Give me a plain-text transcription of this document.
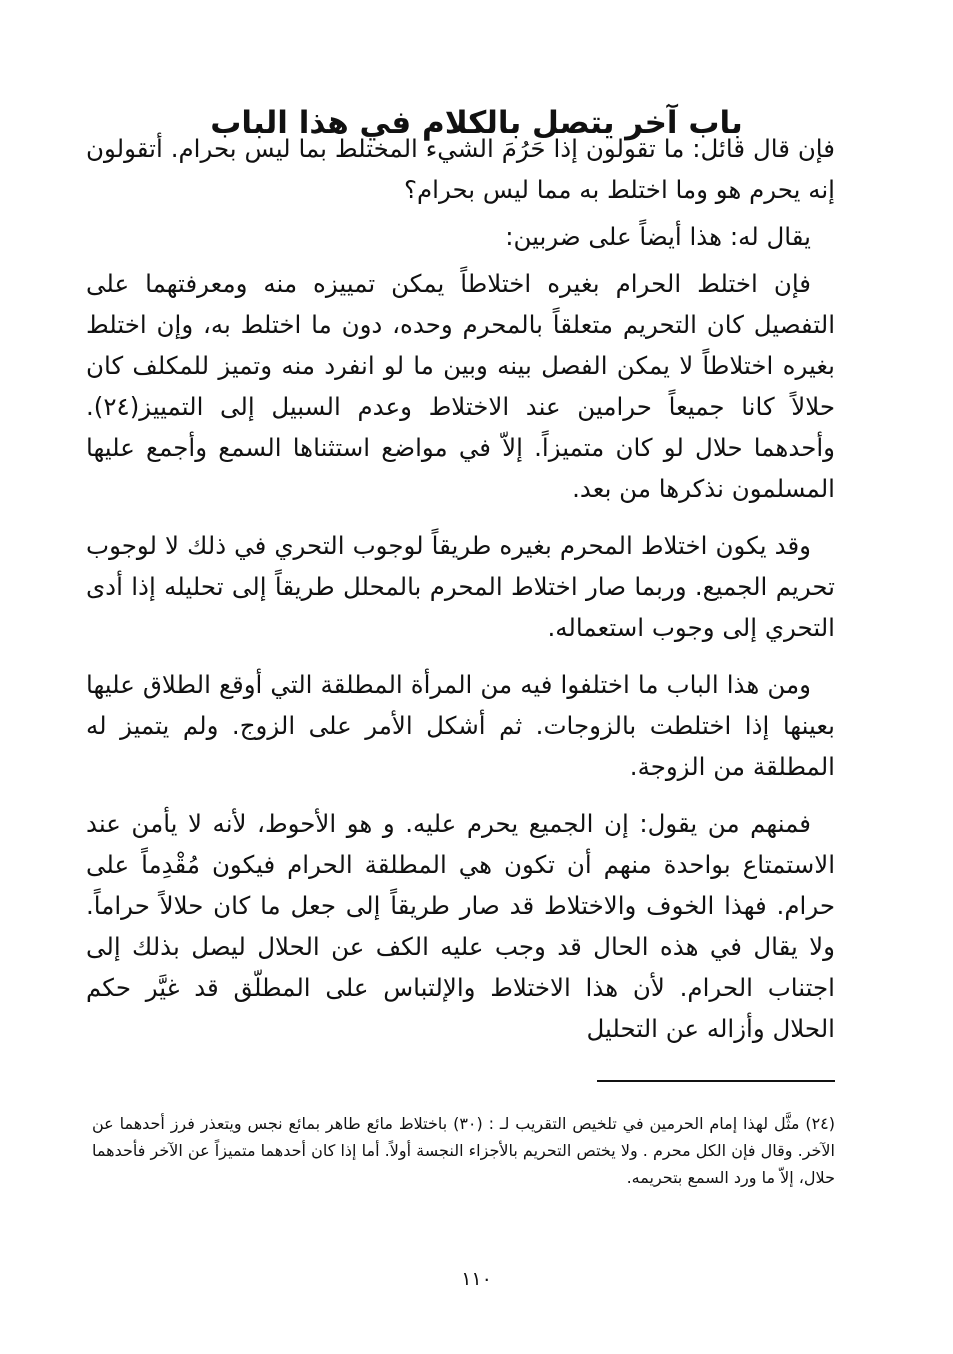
باب آخر يتصل بالكلام في هذا الباب

فإن قال قائل: ما تقولون إذا حَرُمَ الشيء المختلط بما ليس بحرام. أتقولون إنه يحرم هو وما اختلط به مما ليس بحرام؟

يقال له: هذا أيضاً على ضربين:

فإن اختلط الحرام بغيره اختلاطاً يمكن تمييزه منه ومعرفتهما على التفصيل كان التحريم متعلقاً بالمحرم وحده، دون ما اختلط به، وإن اختلط بغيره اختلاطاً لا يمكن الفصل بينه وبين ما لو انفرد منه وتميز للمكلف كان حلالاً كانا جميعاً حرامين عند الاختلاط وعدم السبيل إلى التمييز(٢٤). وأحدهما حلال لو كان متميزاً. إلاّ في مواضع استثناها السمع وأجمع عليها المسلمون نذكرها من بعد.

وقد يكون اختلاط المحرم بغيره طريقاً لوجوب التحري في ذلك لا لوجوب تحريم الجميع. وربما صار اختلاط المحرم بالمحلل طريقاً إلى تحليله إذا أدى التحري إلى وجوب استعماله.

ومن هذا الباب ما اختلفوا فيه من المرأة المطلقة التي أوقع الطلاق عليها بعينها إذا اختلطت بالزوجات. ثم أشكل الأمر على الزوج. ولم يتميز له المطلقة من الزوجة.

فمنهم من يقول: إن الجميع يحرم عليه. و هو الأحوط، لأنه لا يأمن عند الاستمتاع بواحدة منهم أن تكون هي المطلقة الحرام فيكون مُقْدِماً على حرام. فهذا الخوف والاختلاط قد صار طريقاً إلى جعل ما كان حلالاً حراماً. ولا يقال في هذه الحال قد وجب عليه الكف عن الحلال ليصل بذلك إلى اجتناب الحرام. لأن هذا الاختلاط والإلتباس على المطلّق قد غيَّر حكم الحلال وأزاله عن التحليل

(٢٤) مثَّل لهذا إمام الحرمين في تلخيص التقريب لـ : (٣٠) باختلاط مائع طاهر بمائع نجس ويتعذر فرز أحدهما عن الآخر. وقال فإن الكل محرم . ولا يختص التحريم بالأجزاء النجسة أولاً. أما إذا كان أحدهما متميزاً عن الآخر فأحدهما حلال، إلاّ ما ورد السمع بتحريمه.

١١٠
